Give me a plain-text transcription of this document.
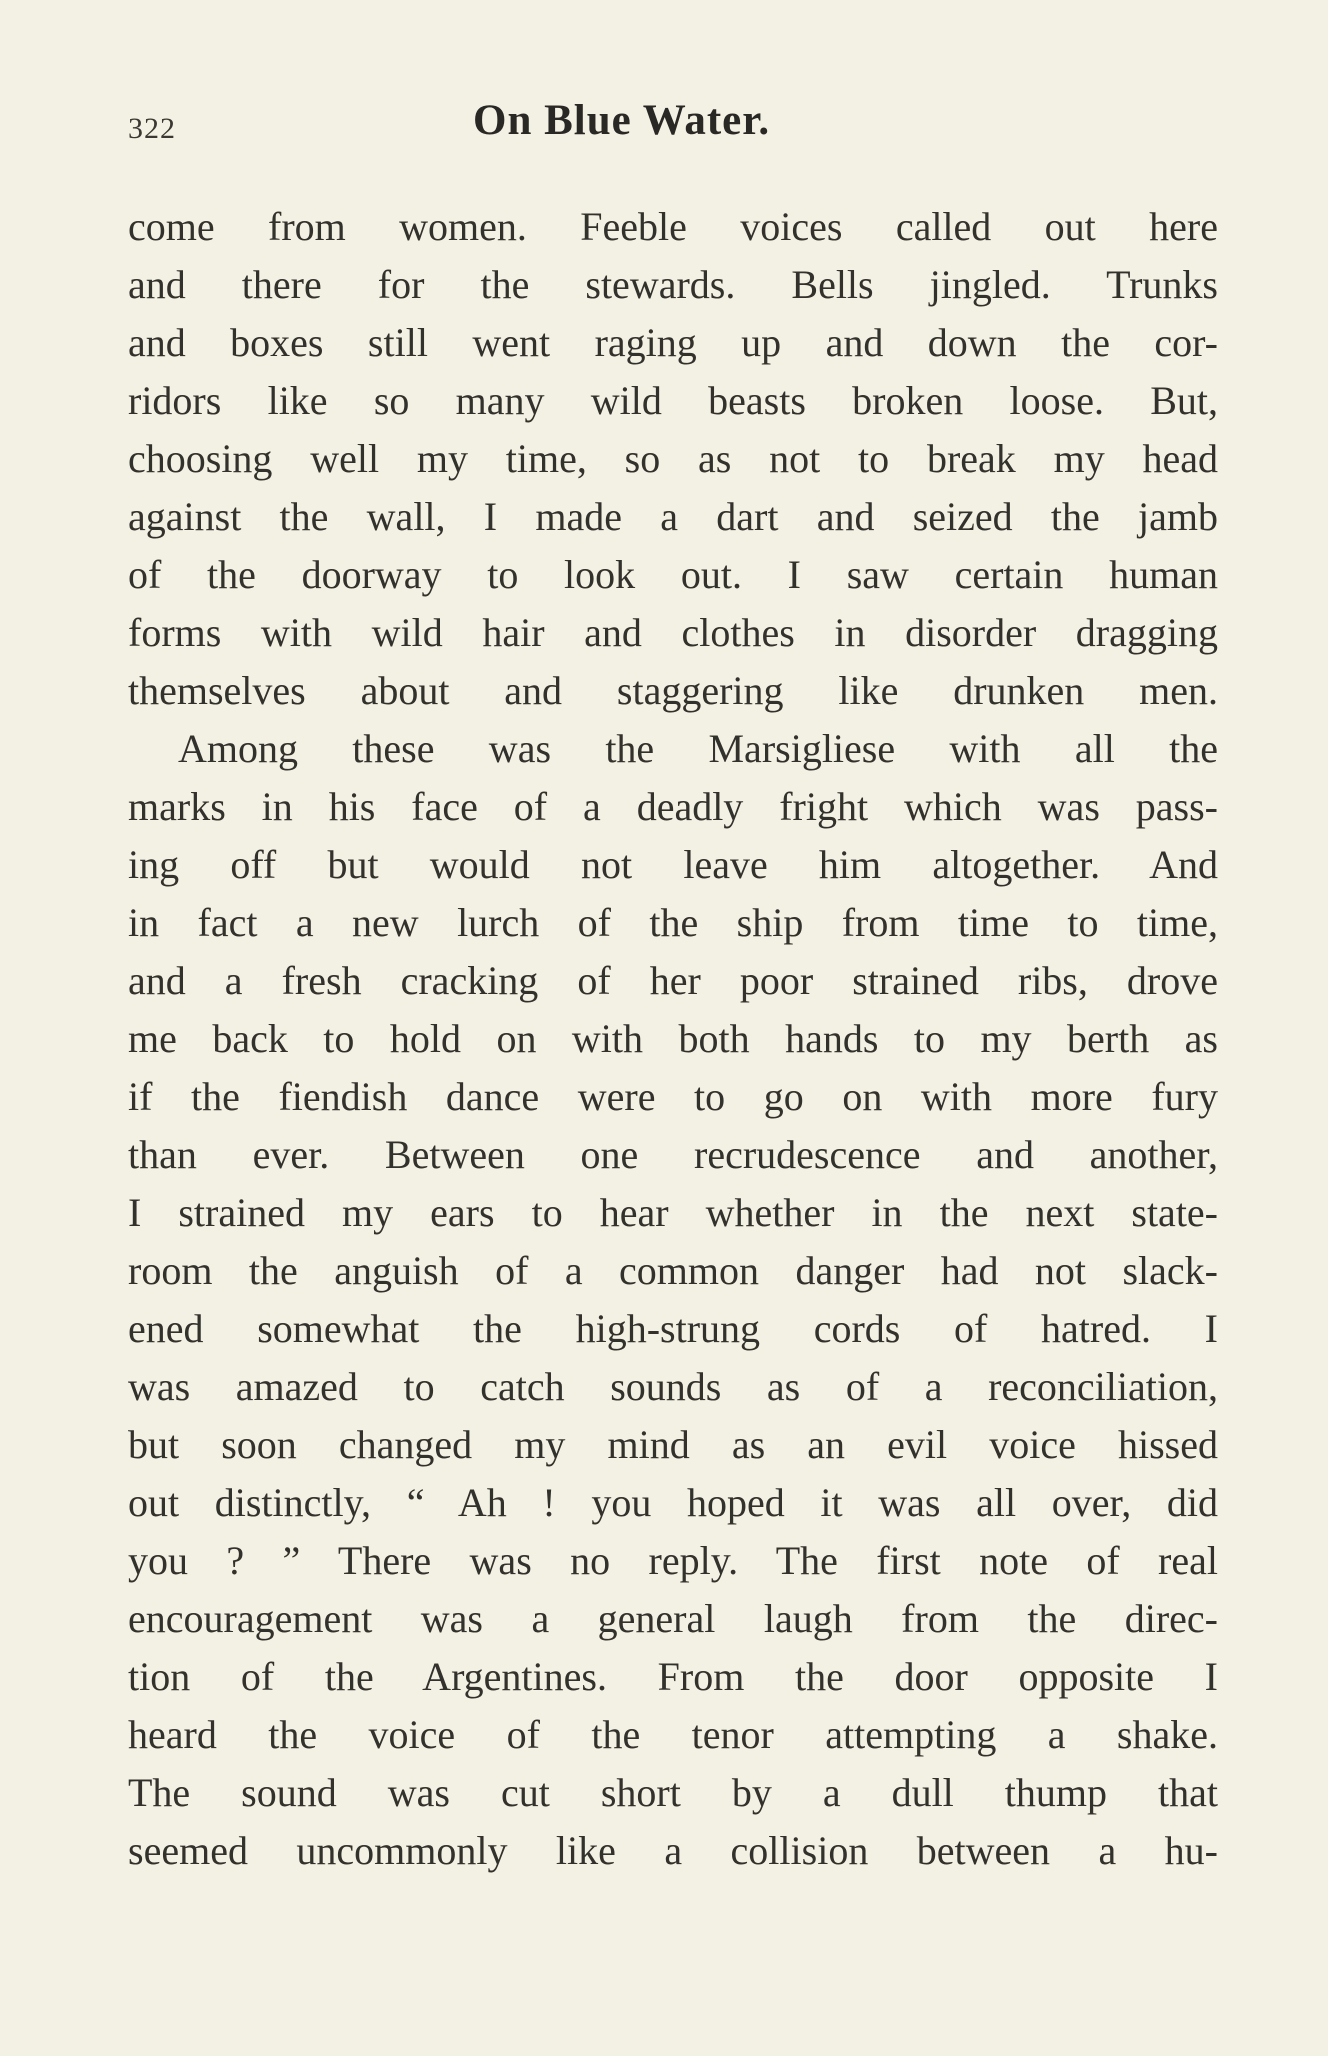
322	On Blue Water.
come from women. Feeble voices called out here
and there for the stewards. Bells jingled. Trunks
and boxes still went raging up and down the cor-
ridors like so many wild beasts broken loose. But,
choosing well my time, so as not to break my head
against the wall, I made a dart and seized the jamb
of the doorway to look out. I saw certain human
forms with wild hair and clothes in disorder dragging
themselves about and staggering like drunken men.
Among these was the Marsigliese with all the
marks in his face of a deadly fright which was pass-
ing off but would not leave him altogether. And
in fact a new lurch of the ship from time to time,
and a fresh cracking of her poor strained ribs, drove
me back to hold on with both hands to my berth as
if the fiendish dance were to go on with more fury
than ever. Between one recrudescence and another,
I strained my ears to hear whether in the next state-
room the anguish of a common danger had not slack-
ened somewhat the high-strung cords of hatred. I
was amazed to catch sounds as of a reconciliation,
but soon changed my mind as an evil voice hissed
out distinctly, “ Ah ! you hoped it was all over, did
you ? ” There was no reply. The first note of real
encouragement was a general laugh from the direc-
tion of the Argentines. From the door opposite I
heard the voice of the tenor attempting a shake.
The sound was cut short by a dull thump that
seemed uncommonly like a collision between a hu-
